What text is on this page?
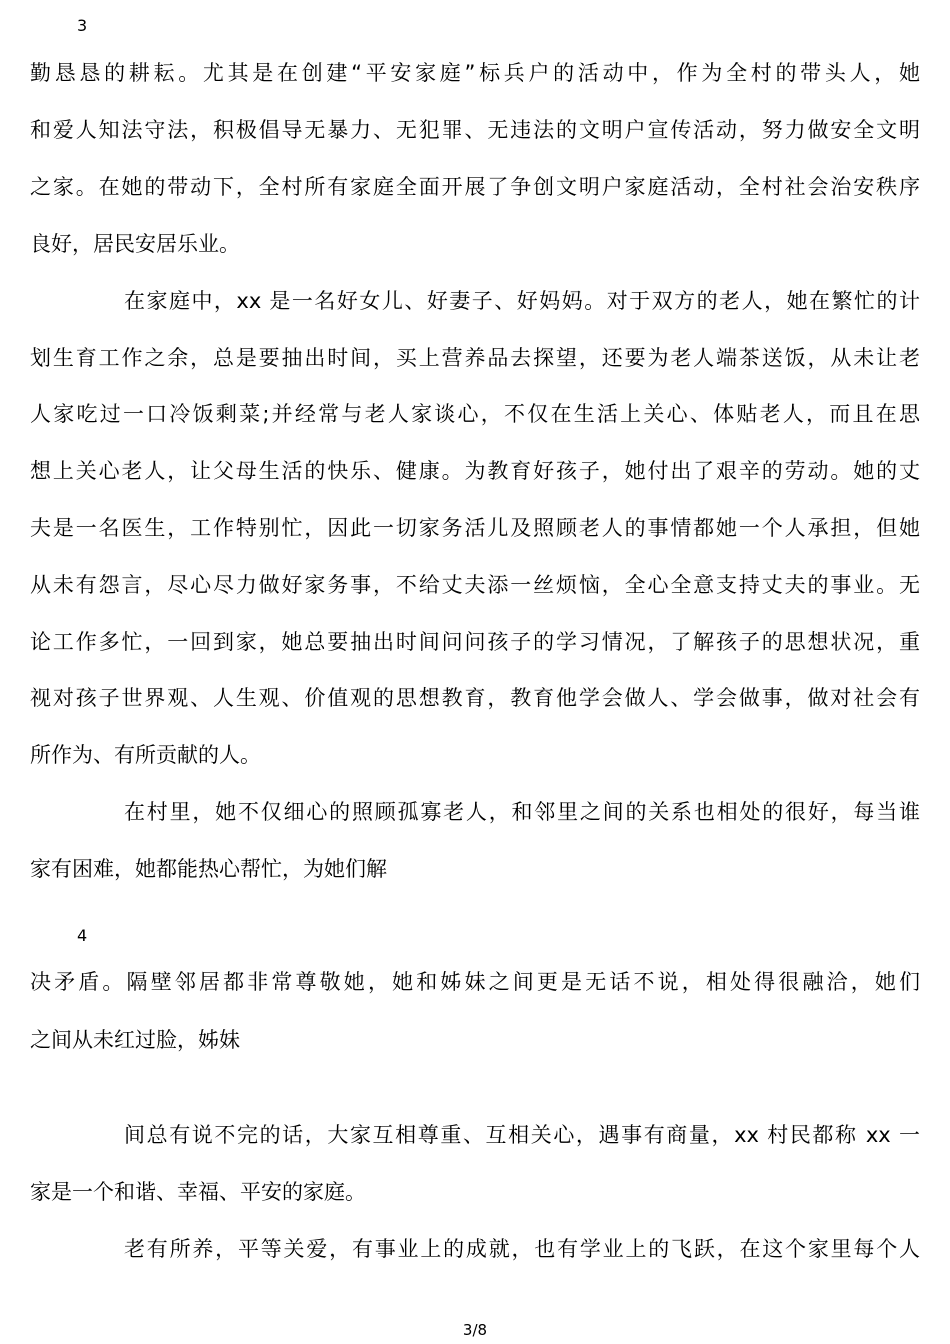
3
勤恳恳的耕耘。尤其是在创建“平安家庭”标兵户的活动中，作为全村的带头人，她
和爱人知法守法，积极倡导无暴力、无犯罪、无违法的文明户宣传活动，努力做安全文明
之家。在她的带动下，全村所有家庭全面开展了争创文明户家庭活动，全村社会治安秩序
良好，居民安居乐业。
在家庭中，xx 是一名好女儿、好妻子、好妈妈。对于双方的老人，她在繁忙的计
划生育工作之余，总是要抽出时间，买上营养品去探望，还要为老人端茶送饭，从未让老
人家吃过一口冷饭剩菜;并经常与老人家谈心，不仅在生活上关心、体贴老人，而且在思
想上关心老人，让父母生活的快乐、健康。为教育好孩子，她付出了艰辛的劳动。她的丈
夫是一名医生，工作特别忙，因此一切家务活儿及照顾老人的事情都她一个人承担，但她
从未有怨言，尽心尽力做好家务事，不给丈夫添一丝烦恼，全心全意支持丈夫的事业。无
论工作多忙，一回到家，她总要抽出时间问问孩子的学习情况，了解孩子的思想状况，重
视对孩子世界观、人生观、价值观的思想教育，教育他学会做人、学会做事，做对社会有
所作为、有所贡献的人。
在村里，她不仅细心的照顾孤寡老人，和邻里之间的关系也相处的很好，每当谁
家有困难，她都能热心帮忙，为她们解
4
决矛盾。隔壁邻居都非常尊敬她，她和姊妹之间更是无话不说，相处得很融洽，她们
之间从未红过脸，姊妹
间总有说不完的话，大家互相尊重、互相关心，遇事有商量，xx 村民都称 xx 一
家是一个和谐、幸福、平安的家庭。
老有所养，平等关爱，有事业上的成就，也有学业上的飞跃，在这个家里每个人
3/8
